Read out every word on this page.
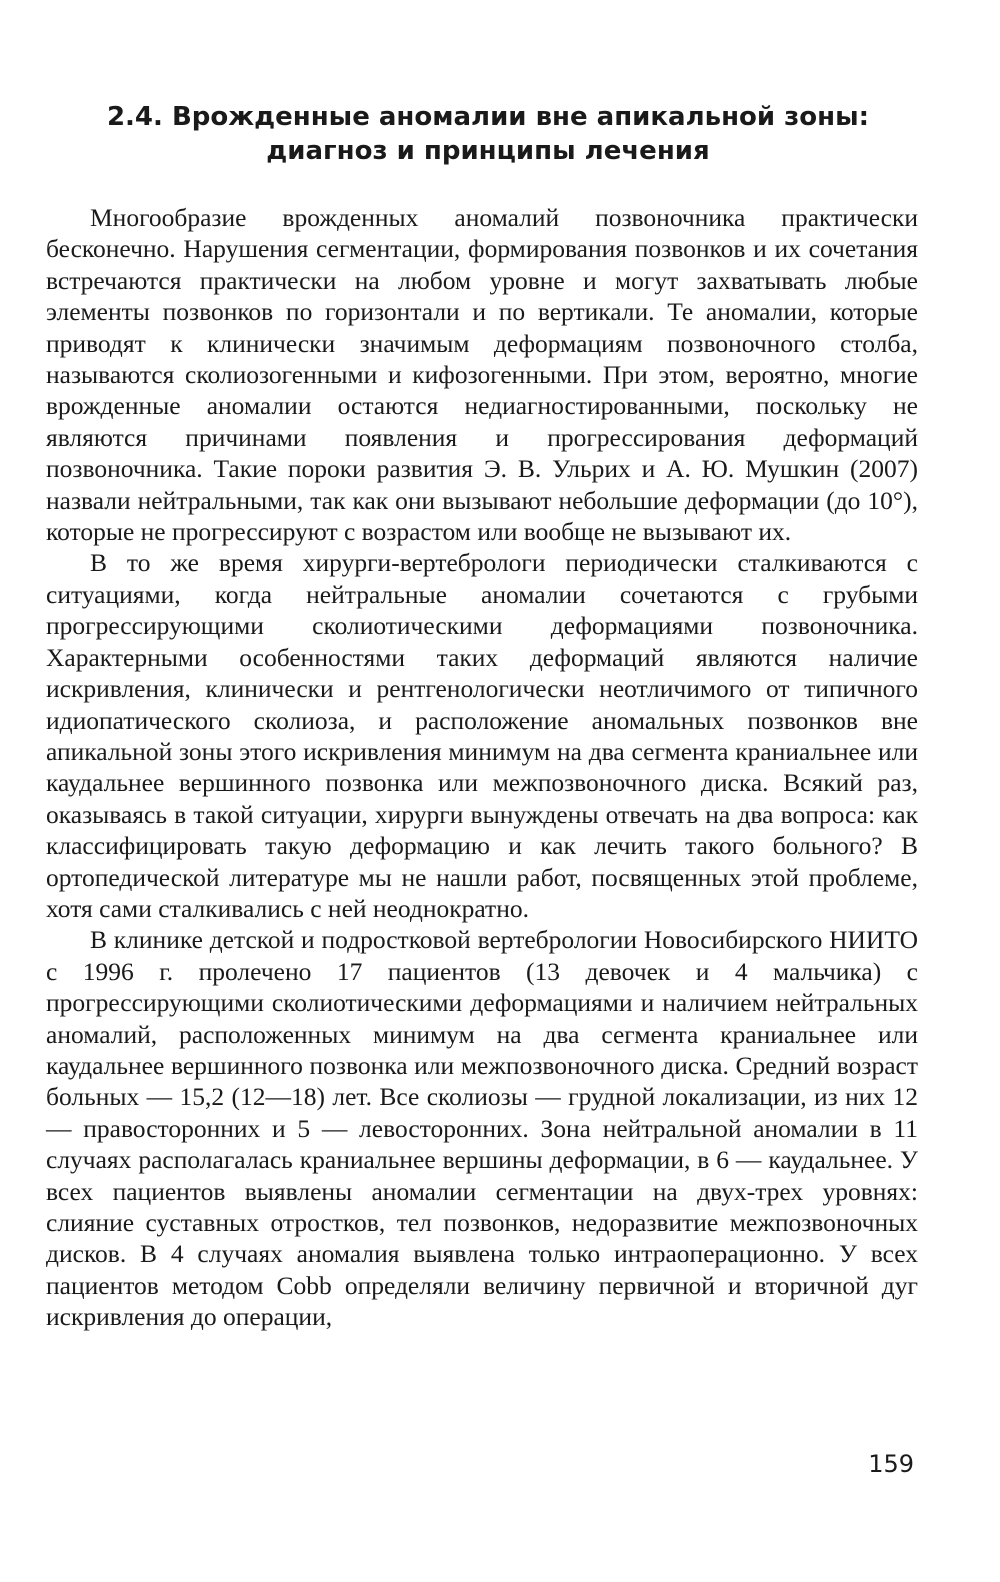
2.4. Врожденные аномалии вне апикальной зоны:
диагноз и принципы лечения

Многообразие врожденных аномалий позвоночника практически бесконечно. Нарушения сегментации, формирования позвонков и их сочетания встречаются практически на любом уровне и могут захватывать любые элементы позвонков по горизонтали и по вертикали. Те аномалии, которые приводят к клинически значимым деформациям позвоночного столба, называются сколиозогенными и кифозогенными. При этом, вероятно, многие врожденные аномалии остаются недиагностированными, поскольку не являются причинами появления и прогрессирования деформаций позвоночника. Такие пороки развития Э. В. Ульрих и А. Ю. Мушкин (2007) назвали нейтральными, так как они вызывают небольшие деформации (до 10°), которые не прогрессируют с возрастом или вообще не вызывают их.

В то же время хирурги-вертебрологи периодически сталкиваются с ситуациями, когда нейтральные аномалии сочетаются с грубыми прогрессирующими сколиотическими деформациями позвоночника. Характерными особенностями таких деформаций являются наличие искривления, клинически и рентгенологически неотличимого от типичного идиопатического сколиоза, и расположение аномальных позвонков вне апикальной зоны этого искривления минимум на два сегмента краниальнее или каудальнее вершинного позвонка или межпозвоночного диска. Всякий раз, оказываясь в такой ситуации, хирурги вынуждены отвечать на два вопроса: как классифицировать такую деформацию и как лечить такого больного? В ортопедической литературе мы не нашли работ, посвященных этой проблеме, хотя сами сталкивались с ней неоднократно.

В клинике детской и подростковой вертебрологии Новосибирского НИИТО с 1996 г. пролечено 17 пациентов (13 девочек и 4 мальчика) с прогрессирующими сколиотическими деформациями и наличием нейтральных аномалий, расположенных минимум на два сегмента краниальнее или каудальнее вершинного позвонка или межпозвоночного диска. Средний возраст больных — 15,2 (12—18) лет. Все сколиозы — грудной локализации, из них 12 — правосторонних и 5 — левосторонних. Зона нейтральной аномалии в 11 случаях располагалась краниальнее вершины деформации, в 6 — каудальнее. У всех пациентов выявлены аномалии сегментации на двух-трех уровнях: слияние суставных отростков, тел позвонков, недоразвитие межпозвоночных дисков. В 4 случаях аномалия выявлена только интраоперационно. У всех пациентов методом Cobb определяли величину первичной и вторичной дуг искривления до операции,

159
